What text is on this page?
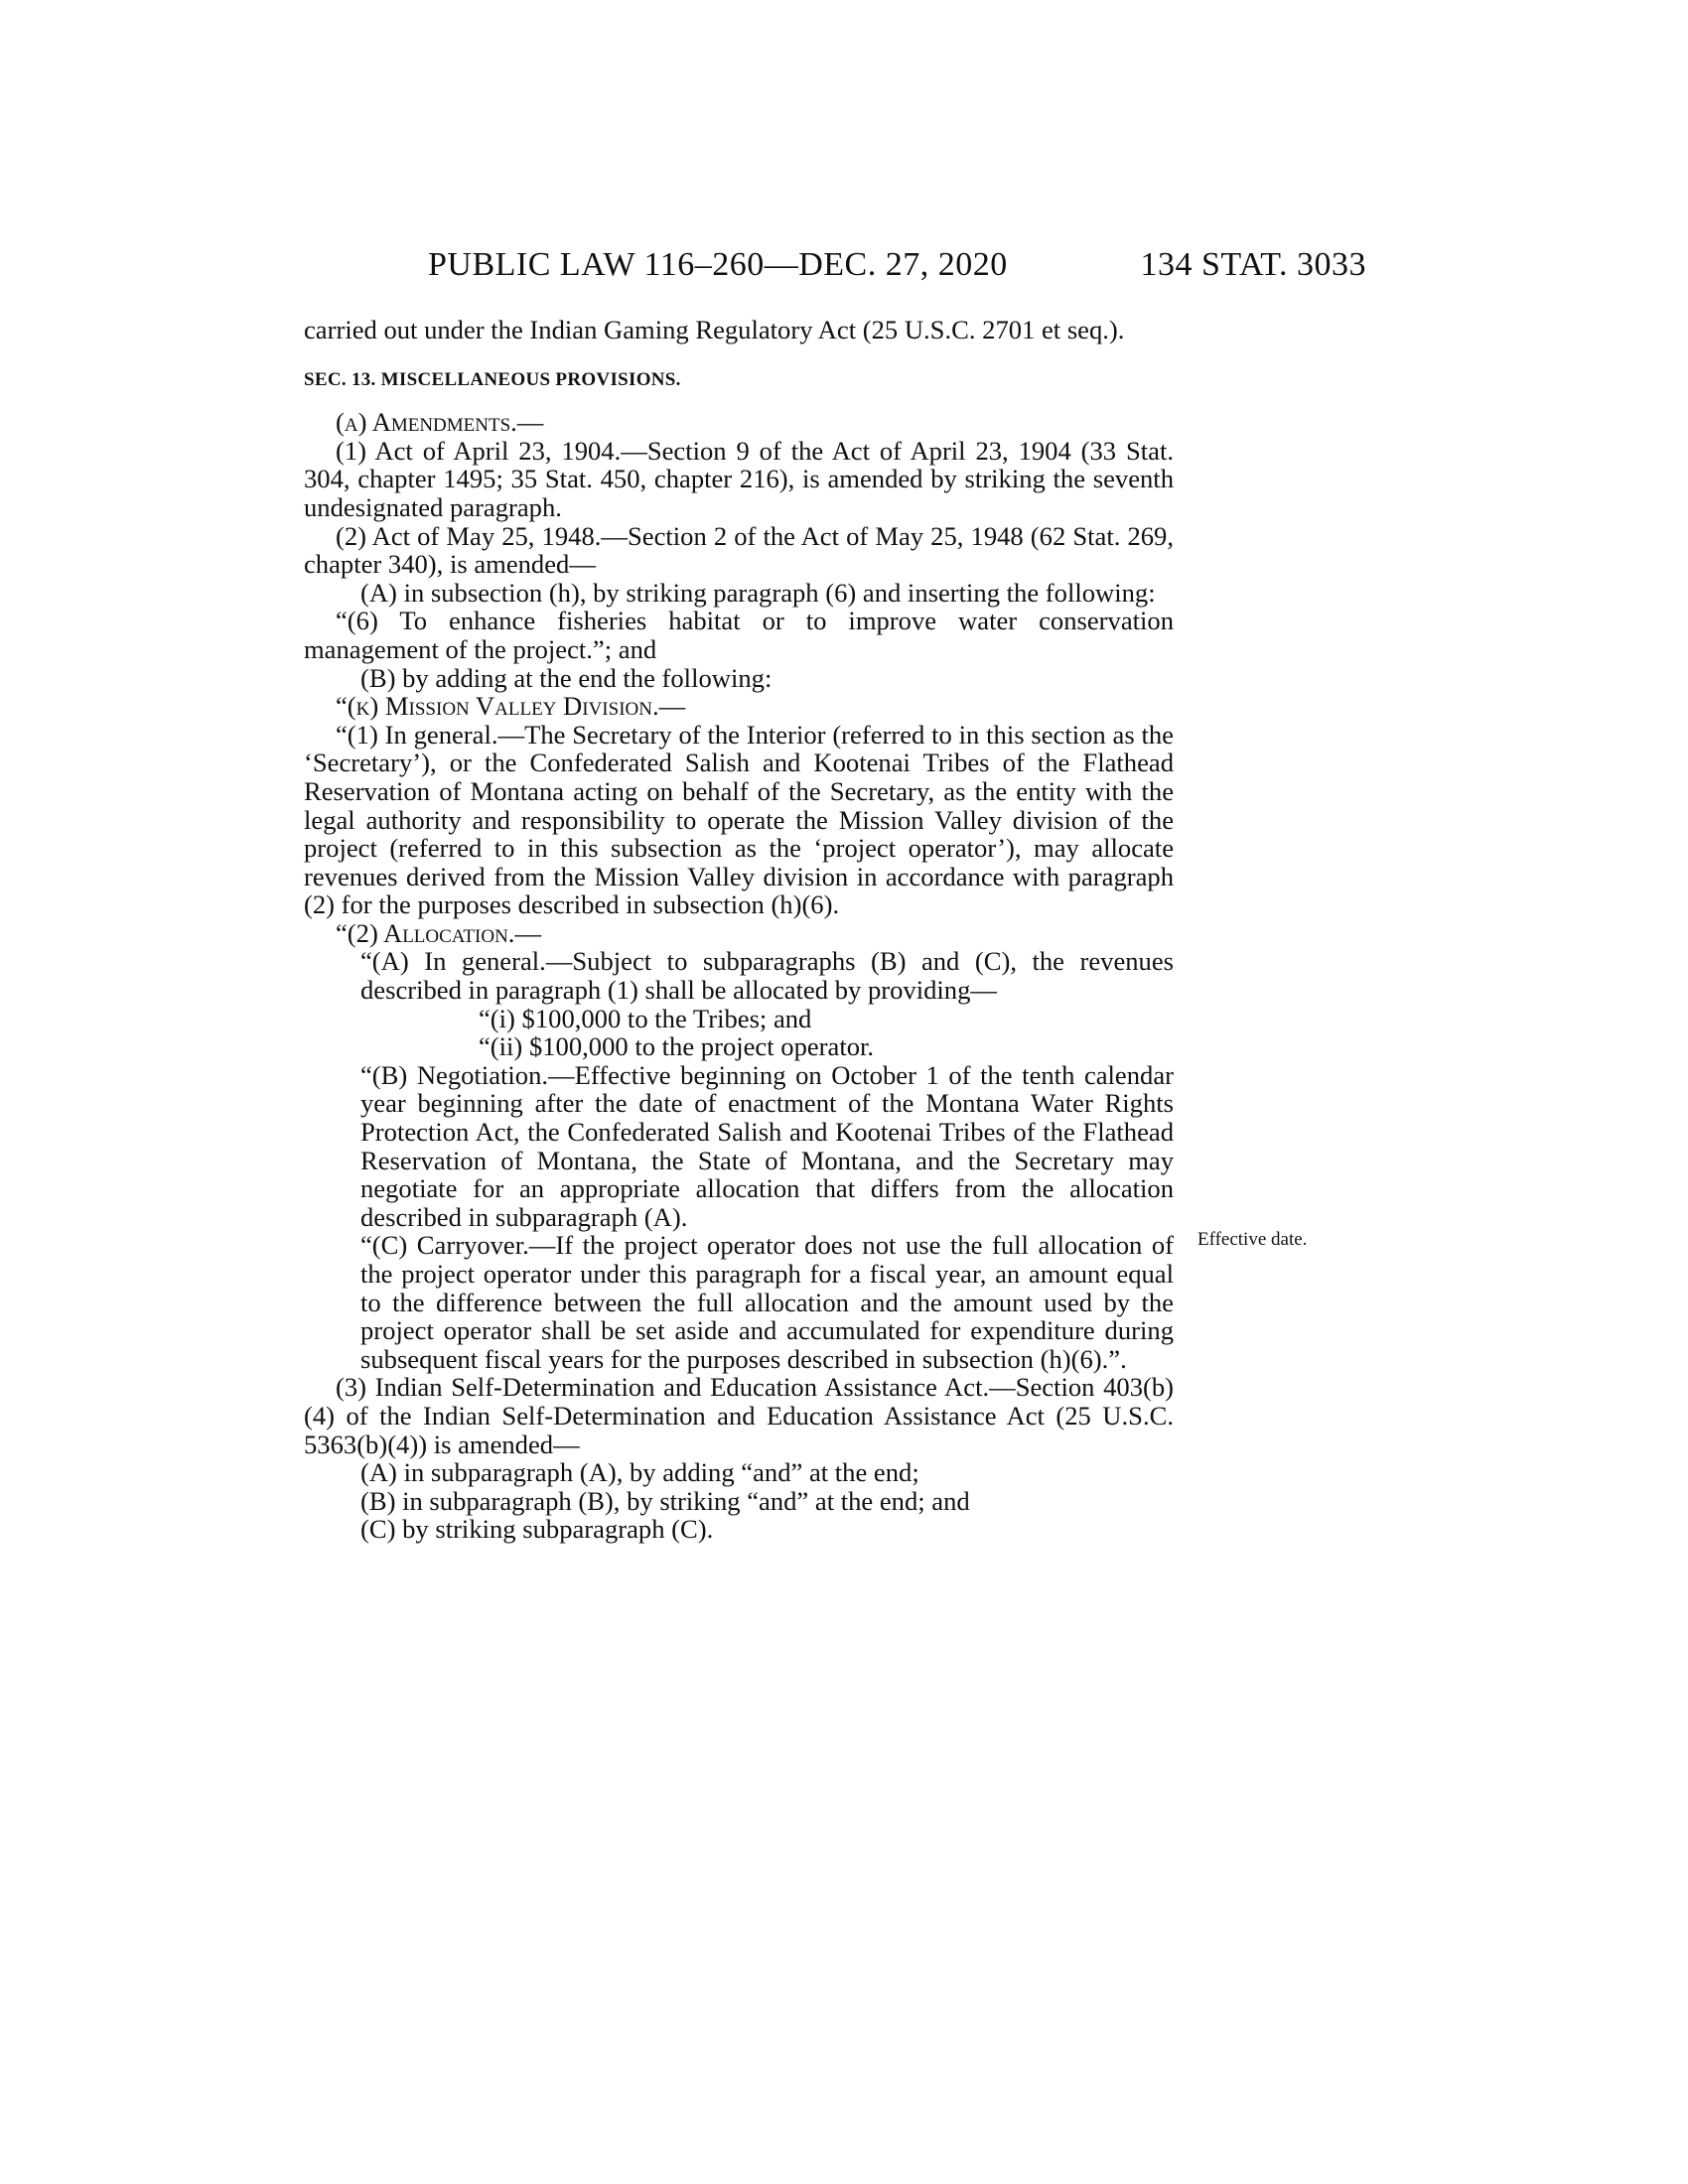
PUBLIC LAW 116–260—DEC. 27, 2020	134 STAT. 3033

carried out under the Indian Gaming Regulatory Act (25 U.S.C. 2701 et seq.).

SEC. 13. MISCELLANEOUS PROVISIONS.

(a) Amendments.—

(1) Act of April 23, 1904.—Section 9 of the Act of April 23, 1904 (33 Stat. 304, chapter 1495; 35 Stat. 450, chapter 216), is amended by striking the seventh undesignated paragraph.

(2) Act of May 25, 1948.—Section 2 of the Act of May 25, 1948 (62 Stat. 269, chapter 340), is amended—

(A) in subsection (h), by striking paragraph (6) and inserting the following:

“(6) To enhance fisheries habitat or to improve water conservation management of the project.”; and

(B) by adding at the end the following:

“(k) Mission Valley Division.—

“(1) In general.—The Secretary of the Interior (referred to in this section as the ‘Secretary’), or the Confederated Salish and Kootenai Tribes of the Flathead Reservation of Montana acting on behalf of the Secretary, as the entity with the legal authority and responsibility to operate the Mission Valley division of the project (referred to in this subsection as the ‘project operator’), may allocate revenues derived from the Mission Valley division in accordance with paragraph (2) for the purposes described in subsection (h)(6).

“(2) Allocation.—

“(A) In general.—Subject to subparagraphs (B) and (C), the revenues described in paragraph (1) shall be allocated by providing—

“(i) $100,000 to the Tribes; and

“(ii) $100,000 to the project operator.

“(B) Negotiation.—Effective beginning on October 1 of the tenth calendar year beginning after the date of enactment of the Montana Water Rights Protection Act, the Confederated Salish and Kootenai Tribes of the Flathead Reservation of Montana, the State of Montana, and the Secretary may negotiate for an appropriate allocation that differs from the allocation described in subparagraph (A).

“(C) Carryover.—If the project operator does not use the full allocation of the project operator under this paragraph for a fiscal year, an amount equal to the difference between the full allocation and the amount used by the project operator shall be set aside and accumulated for expenditure during subsequent fiscal years for the purposes described in subsection (h)(6).”.

(3) Indian Self-Determination and Education Assistance Act.—Section 403(b)(4) of the Indian Self-Determination and Education Assistance Act (25 U.S.C. 5363(b)(4)) is amended—

(A) in subparagraph (A), by adding “and” at the end;

(B) in subparagraph (B), by striking “and” at the end; and

(C) by striking subparagraph (C).

Effective date.
